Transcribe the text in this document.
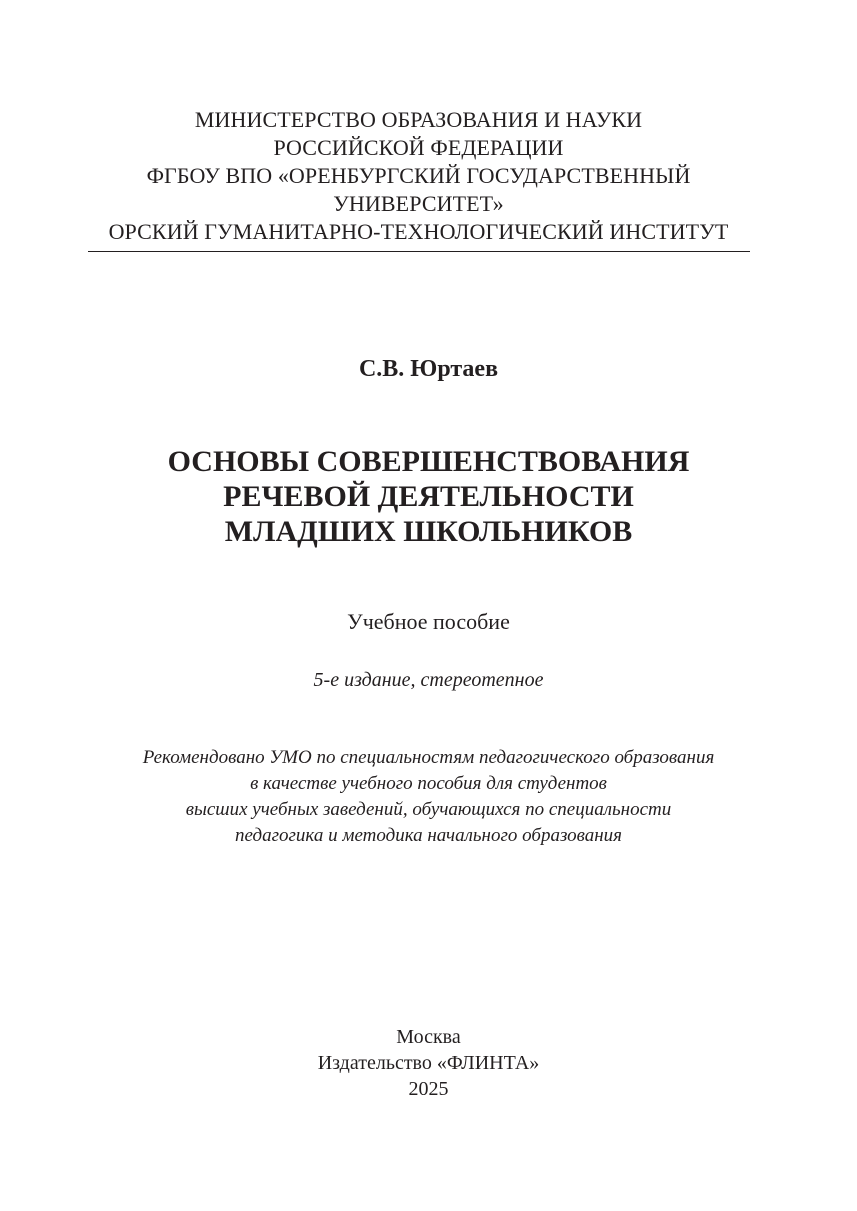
МИНИСТЕРСТВО ОБРАЗОВАНИЯ И НАУКИ
РОССИЙСКОЙ ФЕДЕРАЦИИ
ФГБОУ ВПО «ОРЕНБУРГСКИЙ ГОСУДАРСТВЕННЫЙ
УНИВЕРСИТЕТ»
ОРСКИЙ ГУМАНИТАРНО-ТЕХНОЛОГИЧЕСКИЙ ИНСТИТУТ
С.В. Юртаев
ОСНОВЫ СОВЕРШЕНСТВОВАНИЯ
РЕЧЕВОЙ ДЕЯТЕЛЬНОСТИ
МЛАДШИХ ШКОЛЬНИКОВ
Учебное пособие
5-е издание, стереотепное
Рекомендовано УМО по специальностям педагогического образования
в качестве учебного пособия для студентов
высших учебных заведений, обучающихся по специальности
педагогика и методика начального образования
Москва
Издательство «ФЛИНТА»
2025
